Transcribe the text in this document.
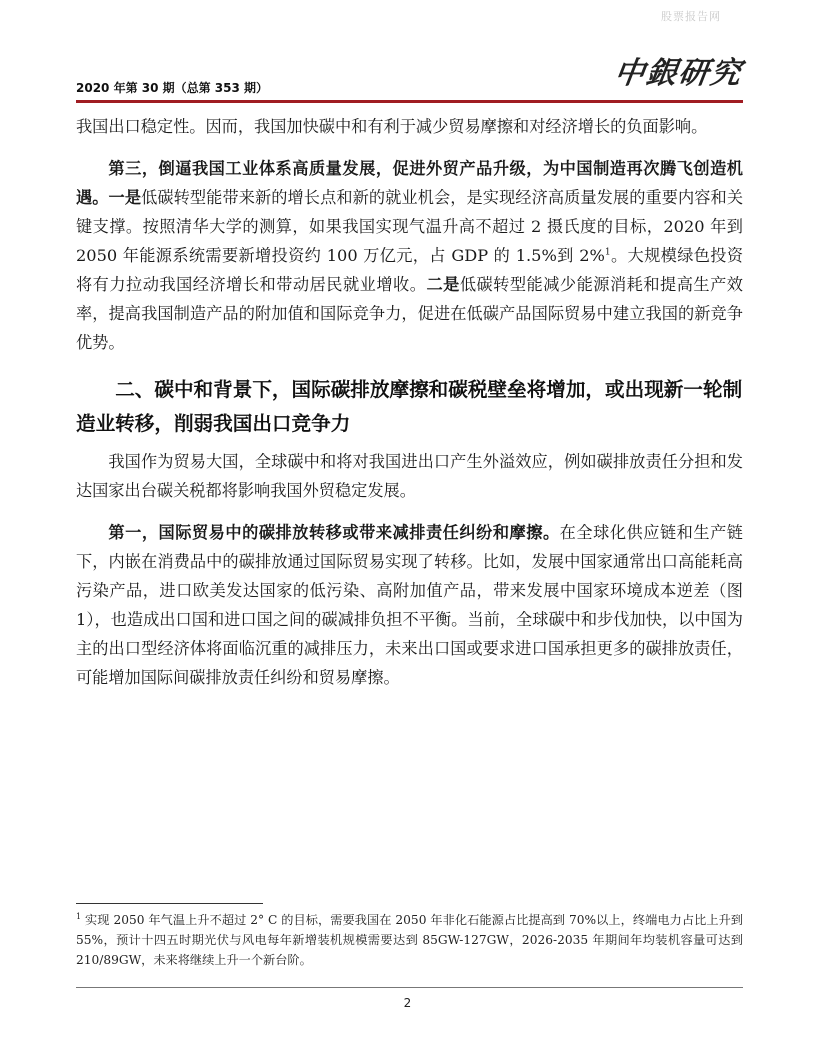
股票报告网
2020 年第 30 期（总第 353 期）	中銀研究

我国出口稳定性。因而，我国加快碳中和有利于减少贸易摩擦和对经济增长的负面影响。

第三，倒逼我国工业体系高质量发展，促进外贸产品升级，为中国制造再次腾飞创造机遇。一是低碳转型能带来新的增长点和新的就业机会，是实现经济高质量发展的重要内容和关键支撑。按照清华大学的测算，如果我国实现气温升高不超过 2 摄氏度的目标，2020 年到 2050 年能源系统需要新增投资约 100 万亿元，占 GDP 的 1.5%到 2%$^1$。大规模绿色投资将有力拉动我国经济增长和带动居民就业增收。二是低碳转型能减少能源消耗和提高生产效率，提高我国制造产品的附加值和国际竞争力，促进在低碳产品国际贸易中建立我国的新竞争优势。

二、碳中和背景下，国际碳排放摩擦和碳税壁垒将增加，或出现新一轮制造业转移，削弱我国出口竞争力

我国作为贸易大国，全球碳中和将对我国进出口产生外溢效应，例如碳排放责任分担和发达国家出台碳关税都将影响我国外贸稳定发展。

第一，国际贸易中的碳排放转移或带来减排责任纠纷和摩擦。在全球化供应链和生产链下，内嵌在消费品中的碳排放通过国际贸易实现了转移。比如，发展中国家通常出口高能耗高污染产品，进口欧美发达国家的低污染、高附加值产品，带来发展中国家环境成本逆差（图 1），也造成出口国和进口国之间的碳减排负担不平衡。当前，全球碳中和步伐加快，以中国为主的出口型经济体将面临沉重的减排压力，未来出口国或要求进口国承担更多的碳排放责任，可能增加国际间碳排放责任纠纷和贸易摩擦。

$^1$ 实现 2050 年气温上升不超过 2° C 的目标，需要我国在 2050 年非化石能源占比提高到 70%以上，终端电力占比上升到 55%，预计十四五时期光伏与风电每年新增装机规模需要达到 85GW-127GW，2026-2035 年期间年均装机容量可达到 210/89GW，未来将继续上升一个新台阶。
2
